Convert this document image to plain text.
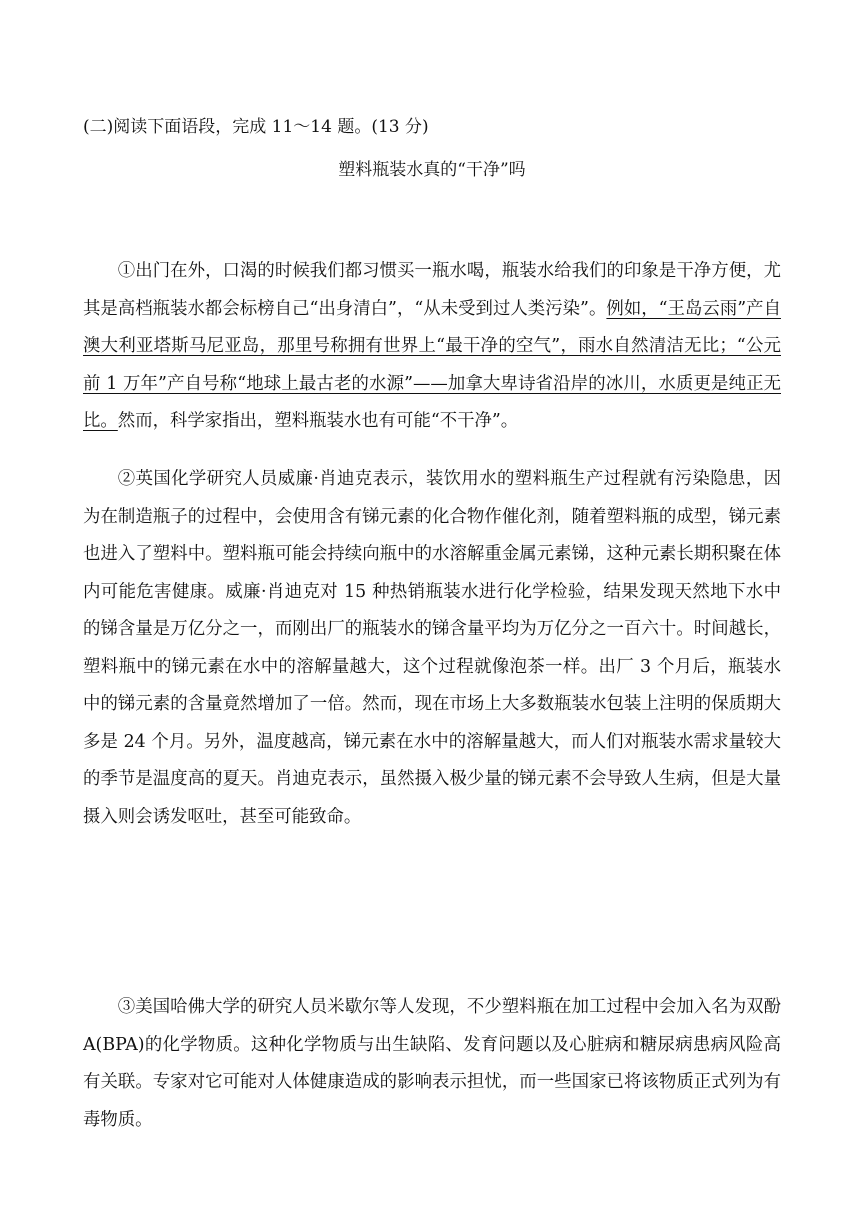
(二)阅读下面语段，完成 11～14 题。(13 分)
塑料瓶装水真的“干净”吗

①出门在外，口渴的时候我们都习惯买一瓶水喝，瓶装水给我们的印象是干净方便，尤其是高档瓶装水都会标榜自己“出身清白”，“从未受到过人类污染”。例如，“王岛云雨”产自澳大利亚塔斯马尼亚岛，那里号称拥有世界上“最干净的空气”，雨水自然清洁无比；“公元前 1 万年”产自号称“地球上最古老的水源”——加拿大卑诗省沿岸的冰川，水质更是纯正无比。然而，科学家指出，塑料瓶装水也有可能“不干净”。

②英国化学研究人员威廉·肖迪克表示，装饮用水的塑料瓶生产过程就有污染隐患，因为在制造瓶子的过程中，会使用含有锑元素的化合物作催化剂，随着塑料瓶的成型，锑元素也进入了塑料中。塑料瓶可能会持续向瓶中的水溶解重金属元素锑，这种元素长期积聚在体内可能危害健康。威廉·肖迪克对 15 种热销瓶装水进行化学检验，结果发现天然地下水中的锑含量是万亿分之一，而刚出厂的瓶装水的锑含量平均为万亿分之一百六十。时间越长，塑料瓶中的锑元素在水中的溶解量越大，这个过程就像泡茶一样。出厂 3 个月后，瓶装水中的锑元素的含量竟然增加了一倍。然而，现在市场上大多数瓶装水包装上注明的保质期大多是 24 个月。另外，温度越高，锑元素在水中的溶解量越大，而人们对瓶装水需求量较大的季节是温度高的夏天。肖迪克表示，虽然摄入极少量的锑元素不会导致人生病，但是大量摄入则会诱发呕吐，甚至可能致命。

③美国哈佛大学的研究人员米歇尔等人发现，不少塑料瓶在加工过程中会加入名为双酚 A(BPA)的化学物质。这种化学物质与出生缺陷、发育问题以及心脏病和糖尿病患病风险高有关联。专家对它可能对人体健康造成的影响表示担忧，而一些国家已将该物质正式列为有毒物质。
